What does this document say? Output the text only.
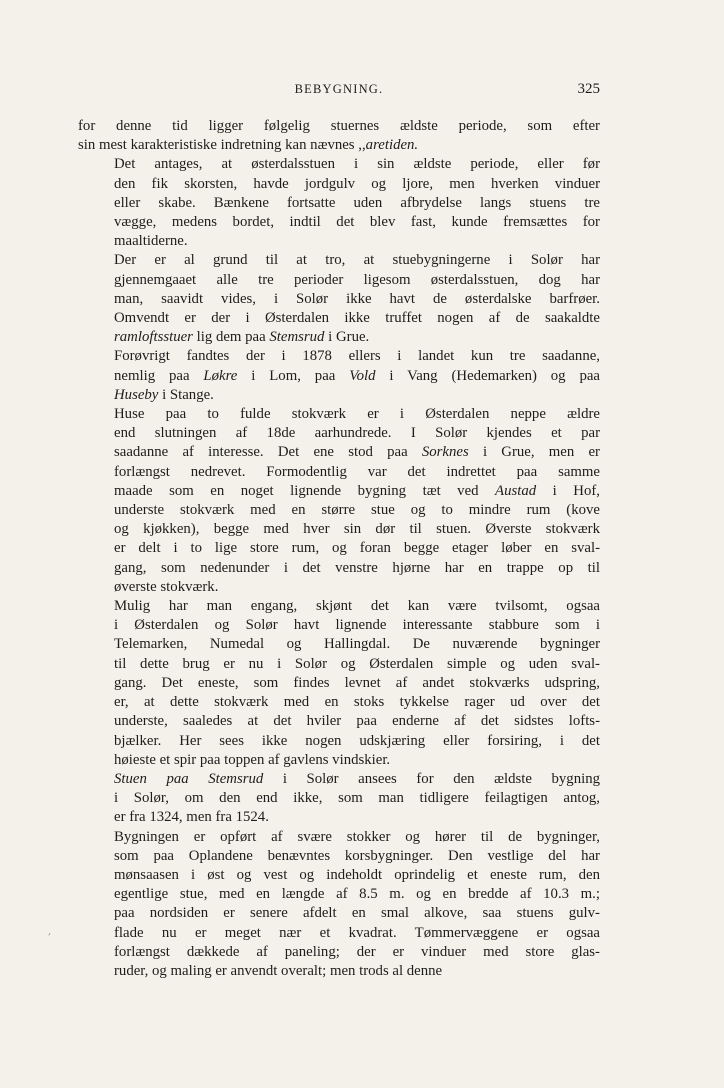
BEBYGNING.	325

for denne tid ligger følgelig stuernes ældste periode, som efter
sin mest karakteristiske indretning kan nævnes ,,aretiden.

Det antages, at østerdalsstuen i sin ældste periode, eller før
den fik skorsten, havde jordgulv og ljore, men hverken vinduer
eller skabe. Bænkene fortsatte uden afbrydelse langs stuens tre
vægge, medens bordet, indtil det blev fast, kunde fremsættes for
maaltiderne.

Der er al grund til at tro, at stuebygningerne i Solør har
gjennemgaaet alle tre perioder ligesom østerdalsstuen, dog har
man, saavidt vides, i Solør ikke havt de østerdalske barfrøer.
Omvendt er der i Østerdalen ikke truffet nogen af de saakaldte
ramloftsstuer lig dem paa Stemsrud i Grue.

Forøvrigt fandtes der i 1878 ellers i landet kun tre saadanne,
nemlig paa Løkre i Lom, paa Vold i Vang (Hedemarken) og paa
Huseby i Stange.

Huse paa to fulde stokværk er i Østerdalen neppe ældre
end slutningen af 18de aarhundrede. I Solør kjendes et par
saadanne af interesse. Det ene stod paa Sorknes i Grue, men er
forlængst nedrevet. Formodentlig var det indrettet paa samme
maade som en noget lignende bygning tæt ved Austad i Hof,
underste stokværk med en større stue og to mindre rum (kove
og kjøkken), begge med hver sin dør til stuen. Øverste stokværk
er delt i to lige store rum, og foran begge etager løber en sval-
gang, som nedenunder i det venstre hjørne har en trappe op til
øverste stokværk.

Mulig har man engang, skjønt det kan være tvilsomt, ogsaa
i Østerdalen og Solør havt lignende interessante stabbure som i
Telemarken, Numedal og Hallingdal. De nuværende bygninger
til dette brug er nu i Solør og Østerdalen simple og uden sval-
gang. Det eneste, som findes levnet af andet stokværks udspring,
er, at dette stokværk med en stoks tykkelse rager ud over det
underste, saaledes at det hviler paa enderne af det sidstes lofts-
bjælker. Her sees ikke nogen udskjæring eller forsiring, i det
høieste et spir paa toppen af gavlens vindskier.

Stuen paa Stemsrud i Solør ansees for den ældste bygning
i Solør, om den end ikke, som man tidligere feilagtigen antog,
er fra 1324, men fra 1524.

Bygningen er opført af svære stokker og hører til de bygninger,
som paa Oplandene benævntes korsbygninger. Den vestlige del har
mønsaasen i øst og vest og indeholdt oprindelig et eneste rum, den
egentlige stue, med en længde af 8.5 m. og en bredde af 10.3 m.;
paa nordsiden er senere afdelt en smal alkove, saa stuens gulv-
flade nu er meget nær et kvadrat. Tømmervæggene er ogsaa
forlængst dækkede af paneling; der er vinduer med store glas-
ruder, og maling er anvendt overalt; men trods al denne

,
